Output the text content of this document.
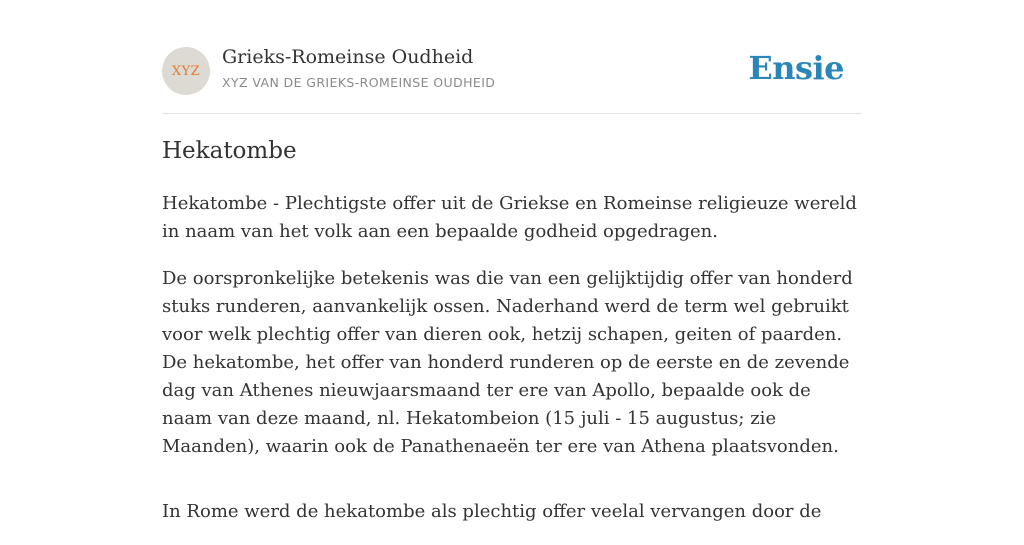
XYZ
Grieks-Romeinse Oudheid
XYZ VAN DE GRIEKS-ROMEINSE OUDHEID	Ensie
Hekatombe

Hekatombe - Plechtigste offer uit de Griekse en Romeinse religieuze wereld in naam van het volk aan een bepaalde godheid opgedragen.

De oorspronkelijke betekenis was die van een gelijktijdig offer van honderd stuks runderen, aanvankelijk ossen. Naderhand werd de term wel gebruikt voor welk plechtig offer van dieren ook, hetzij schapen, geiten of paarden. De hekatombe, het offer van honderd runderen op de eerste en de zevende dag van Athenes nieuwjaarsmaand ter ere van Apollo, bepaalde ook de naam van deze maand, nl. Hekatombeion (15 juli - 15 augustus; zie Maanden), waarin ook de Panathenaeën ter ere van Athena plaatsvonden.

In Rome werd de hekatombe als plechtig offer veelal vervangen door de
